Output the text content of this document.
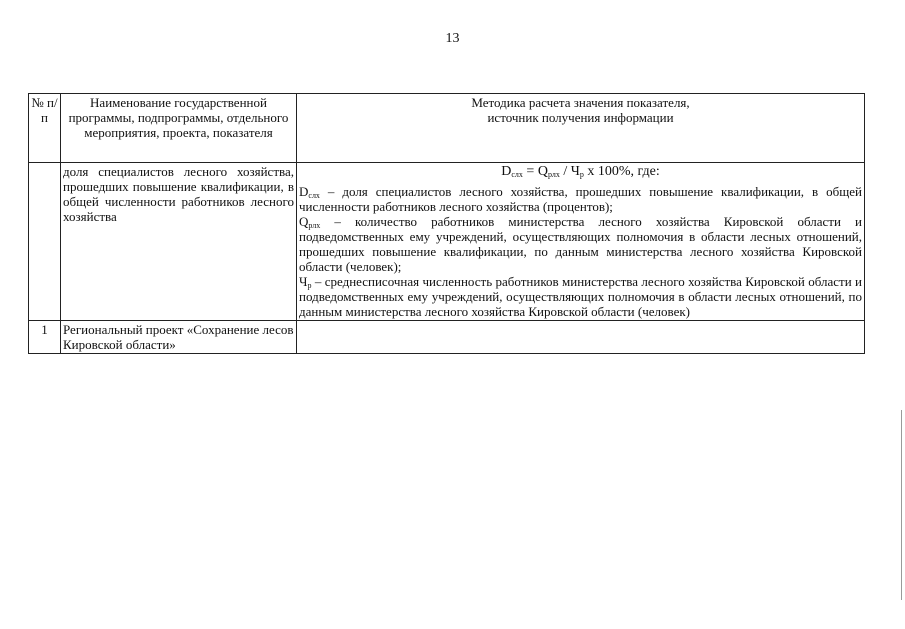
13
№ п/п	Наименование государственной программы, подпрограммы, отдельного мероприятия, проекта, показателя	Методика расчета значения показателя,
источник получения информации

	доля специалистов лесного хозяйства, прошедших повышение квалификации, в общей численности работников лесного хозяйства	$D_{слх} = Q_{рлх} / Ч_р$ x 100%, где:
$D_{слх}$ – доля специалистов лесного хозяйства, прошедших повышение квалификации, в общей численности работников лесного хозяйства (процентов);
$Q_{рлх}$ – количество работников министерства лесного хозяйства Кировской области и подведомственных ему учреждений, осуществляющих полномочия в области лесных отношений, прошедших повышение квалификации, по данным министерства лесного хозяйства Кировской области (человек);
$Ч_р$ – среднесписочная численность работников министерства лесного хозяйства Кировской области и подведомственных ему учреждений, осуществляющих полномочия в области лесных отношений, по данным министерства лесного хозяйства Кировской области (человек)

1	Региональный проект «Сохранение лесов Кировской области»	
